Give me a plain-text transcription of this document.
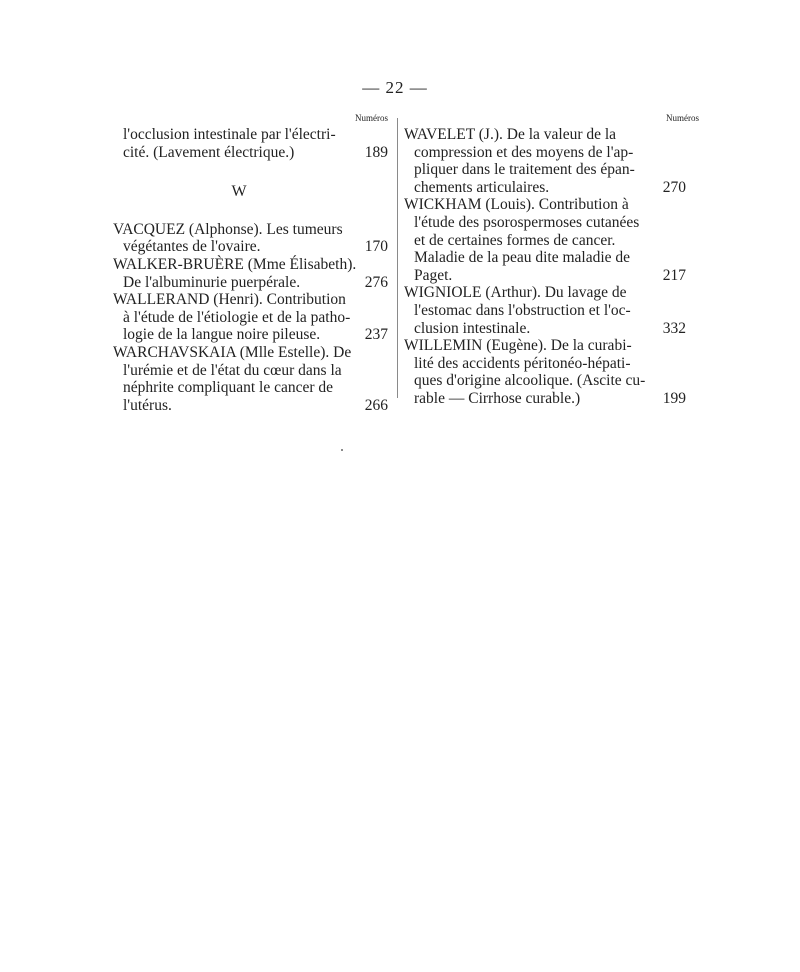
— 22 —
Numéros
l'occlusion intestinale par l'électri-
cité. (Lavement électrique.)	189
W
VACQUEZ (Alphonse). Les tumeurs
végétantes de l'ovaire.	170
WALKER-BRUÈRE (Mme Élisabeth).
De l'albuminurie puerpérale.	276
WALLERAND (Henri). Contribution
à l'étude de l'étiologie et de la patho-
logie de la langue noire pileuse.	237
WARCHAVSKAIA (Mlle Estelle). De
l'urémie et de l'état du cœur dans la
néphrite compliquant le cancer de
l'utérus.	266
Numéros
WAVELET (J.). De la valeur de la
compression et des moyens de l'ap-
pliquer dans le traitement des épan-
chements articulaires.	270
WICKHAM (Louis). Contribution à
l'étude des psorospermoses cutanées
et de certaines formes de cancer.
Maladie de la peau dite maladie de
Paget.	217
WIGNIOLE (Arthur). Du lavage de
l'estomac dans l'obstruction et l'oc-
clusion intestinale.	332
WILLEMIN (Eugène). De la curabi-
lité des accidents péritonéo-hépati-
ques d'origine alcoolique. (Ascite cu-
rable — Cirrhose curable.)	199
